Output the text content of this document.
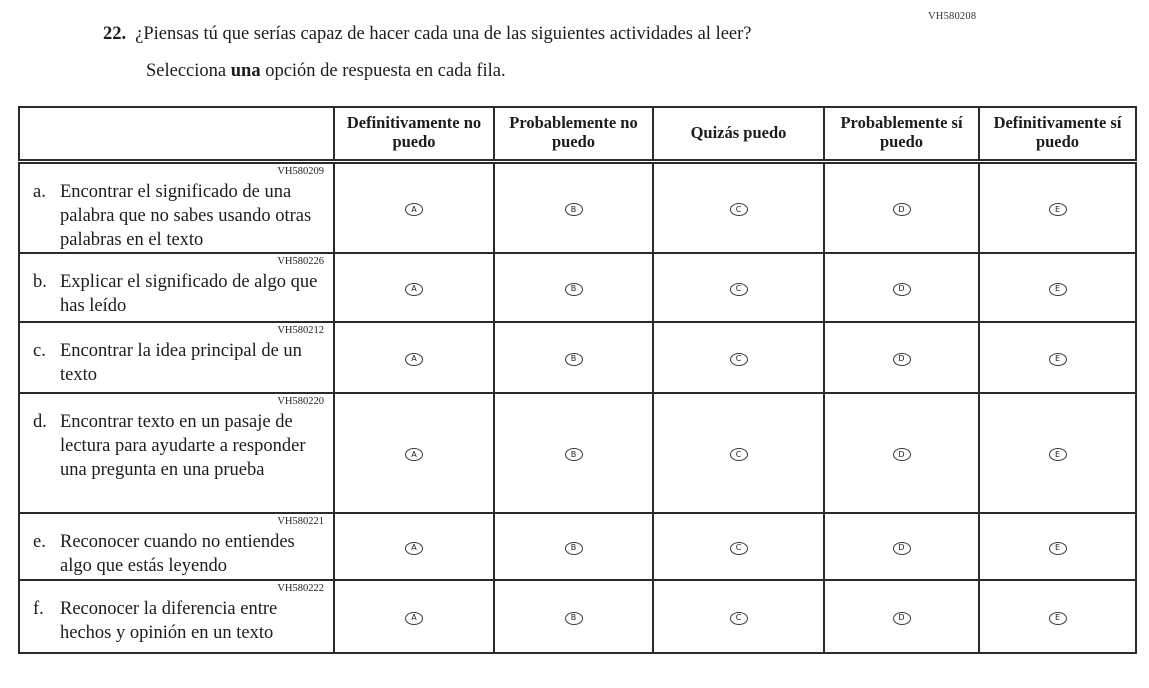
VH580208
22. ¿Piensas tú que serías capaz de hacer cada una de las siguientes actividades al leer?
Selecciona una opción de respuesta en cada fila.
	Definitivamente no puedo	Probablemente no puedo	Quizás puedo	Probablemente sí puedo	Definitivamente sí puedo

VH580209
a. Encontrar el significado de una palabra que no sabes usando otras palabras en el texto	A	B	C	D	E

VH580226
b. Explicar el significado de algo que has leído	A	B	C	D	E

VH580212
c. Encontrar la idea principal de un texto	A	B	C	D	E

VH580220
d. Encontrar texto en un pasaje de lectura para ayudarte a responder una pregunta en una prueba	A	B	C	D	E

VH580221
e. Reconocer cuando no entiendes algo que estás leyendo	A	B	C	D	E

VH580222
f. Reconocer la diferencia entre hechos y opinión en un texto	A	B	C	D	E
